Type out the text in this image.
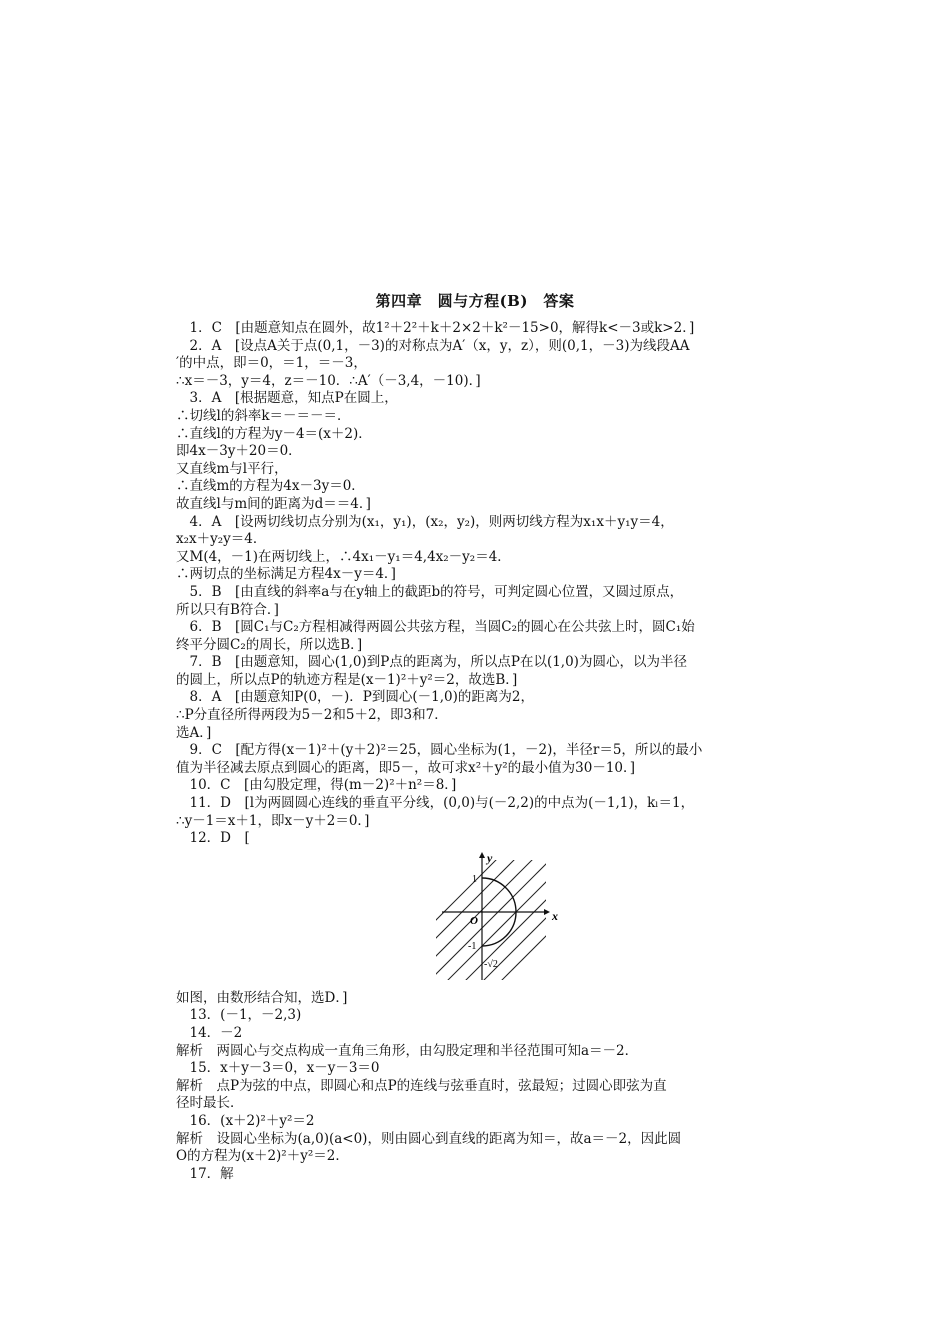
第四章　圆与方程(B)　答案
　1．C　[由题意知点在圆外，故1²＋2²＋k＋2×2＋k²－15>0，解得k<－3或k>2．]
　2．A　[设点A关于点(0,1，－3)的对称点为A′（x，y，z），则(0,1，－3)为线段AA
′的中点，即＝0，＝1，＝－3，
∴x＝－3，y＝4，z＝－10．∴A′（－3,4，－10)．]
　3．A　[根据题意，知点P在圆上，
∴切线l的斜率k＝－＝－＝．
∴直线l的方程为y－4＝(x＋2)．
即4x－3y＋20＝0．
又直线m与l平行，
∴直线m的方程为4x－3y＝0．
故直线l与m间的距离为d＝＝4．]
　4．A　[设两切线切点分别为(x₁，y₁)，(x₂，y₂)，则两切线方程为x₁x＋y₁y＝4，
x₂x＋y₂y＝4．
又M(4，－1)在两切线上，∴4x₁－y₁＝4,4x₂－y₂＝4．
∴两切点的坐标满足方程4x－y＝4．]
　5．B　[由直线的斜率a与在y轴上的截距b的符号，可判定圆心位置，又圆过原点，
所以只有B符合．]
　6．B　[圆C₁与C₂方程相减得两圆公共弦方程，当圆C₂的圆心在公共弦上时，圆C₁始
终平分圆C₂的周长，所以选B．]
　7．B　[由题意知，圆心(1,0)到P点的距离为，所以点P在以(1,0)为圆心，以为半径
的圆上，所以点P的轨迹方程是(x－1)²＋y²＝2，故选B．]
　8．A　[由题意知P(0，－)．P到圆心(－1,0)的距离为2，
∴P分直径所得两段为5－2和5＋2，即3和7．
选A．]
　9．C　[配方得(x－1)²＋(y＋2)²＝25，圆心坐标为(1，－2)，半径r＝5，所以的最小
值为半径减去原点到圆心的距离，即5－，故可求x²＋y²的最小值为30－10．]
　10．C　[由勾股定理，得(m－2)²＋n²＝8．]
　11．D　[l为两圆圆心连线的垂直平分线，(0,0)与(－2,2)的中点为(－1,1)，kₗ＝1，
∴y－1＝x＋1，即x－y＋2＝0．]
　12．D　[
y
x
O
1
-1
-√2
如图，由数形结合知，选D．]
　13．(－1，－2,3)
　14．－2
解析　两圆心与交点构成一直角三角形，由勾股定理和半径范围可知a＝－2．
　15．x＋y－3＝0，x－y－3＝0
解析　点P为弦的中点，即圆心和点P的连线与弦垂直时，弦最短；过圆心即弦为直
径时最长．
　16．(x＋2)²＋y²＝2
解析　设圆心坐标为(a,0)(a<0)，则由圆心到直线的距离为知＝，故a＝－2，因此圆
O的方程为(x＋2)²＋y²＝2．
　17．解
